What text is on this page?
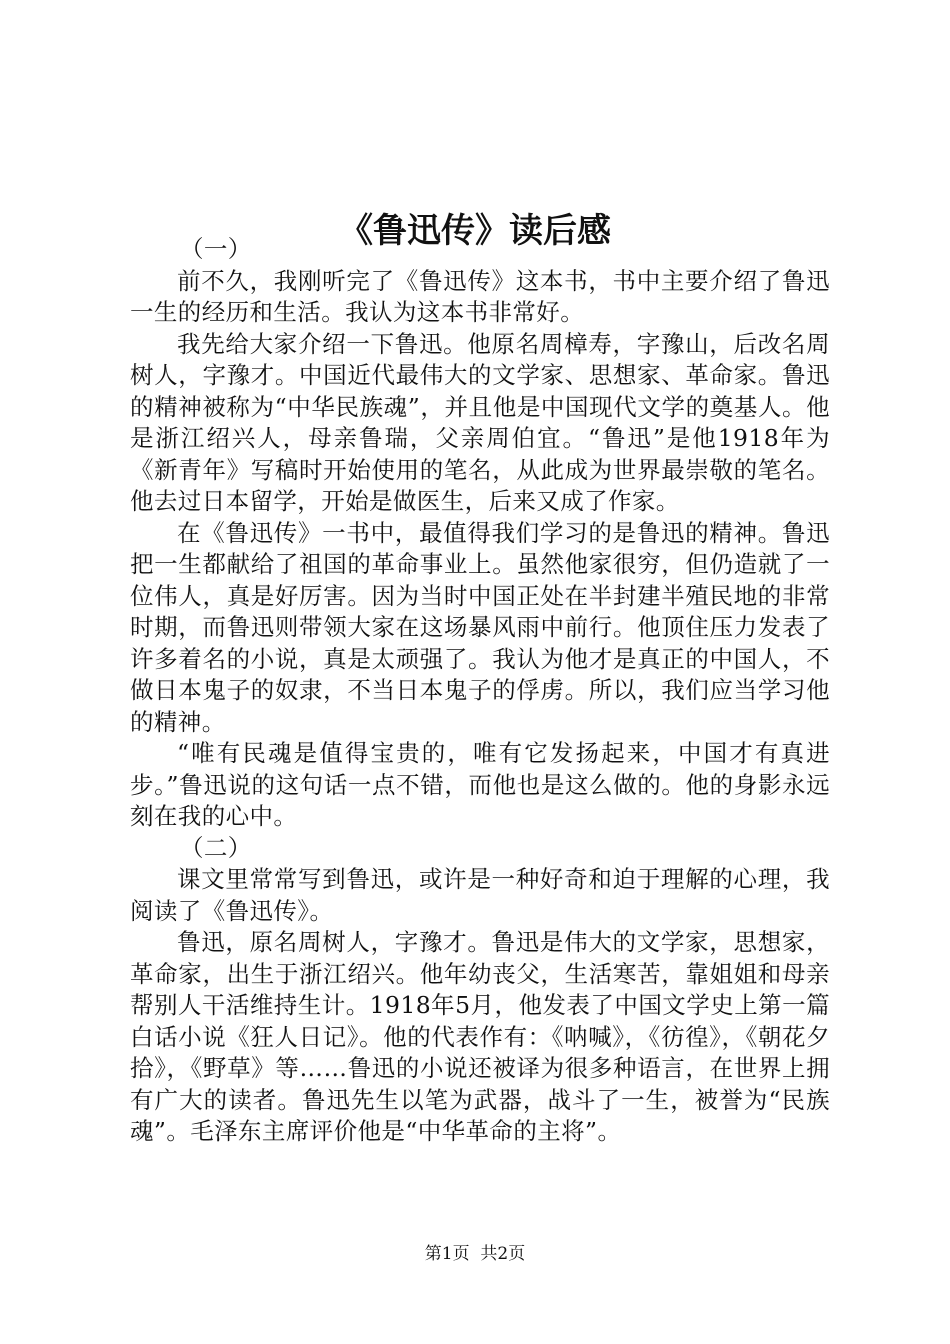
《鲁迅传》读后感

（一）

前不久，我刚听完了《鲁迅传》这本书，书中主要介绍了鲁迅一生的经历和生活。我认为这本书非常好。

我先给大家介绍一下鲁迅。他原名周樟寿，字豫山，后改名周树人，字豫才。中国近代最伟大的文学家、思想家、革命家。鲁迅的精神被称为“中华民族魂”，并且他是中国现代文学的奠基人。他是浙江绍兴人，母亲鲁瑞，父亲周伯宜。“鲁迅”是他1918年为《新青年》写稿时开始使用的笔名，从此成为世界最崇敬的笔名。他去过日本留学，开始是做医生，后来又成了作家。

在《鲁迅传》一书中，最值得我们学习的是鲁迅的精神。鲁迅把一生都献给了祖国的革命事业上。虽然他家很穷，但仍造就了一位伟人，真是好厉害。因为当时中国正处在半封建半殖民地的非常时期，而鲁迅则带领大家在这场暴风雨中前行。他顶住压力发表了许多着名的小说，真是太顽强了。我认为他才是真正的中国人，不做日本鬼子的奴隶，不当日本鬼子的俘虏。所以，我们应当学习他的精神。

“唯有民魂是值得宝贵的，唯有它发扬起来，中国才有真进步。”鲁迅说的这句话一点不错，而他也是这么做的。他的身影永远刻在我的心中。

（二）

课文里常常写到鲁迅，或许是一种好奇和迫于理解的心理，我阅读了《鲁迅传》。

鲁迅，原名周树人，字豫才。鲁迅是伟大的文学家，思想家，革命家，出生于浙江绍兴。他年幼丧父，生活寒苦，靠姐姐和母亲帮别人干活维持生计。1918年5月，他发表了中国文学史上第一篇白话小说《狂人日记》。他的代表作有：《呐喊》，《彷徨》，《朝花夕拾》，《野草》等……鲁迅的小说还被译为很多种语言，在世界上拥有广大的读者。鲁迅先生以笔为武器，战斗了一生，被誉为“民族魂”。毛泽东主席评价他是“中华革命的主将”。

第1页  共2页
